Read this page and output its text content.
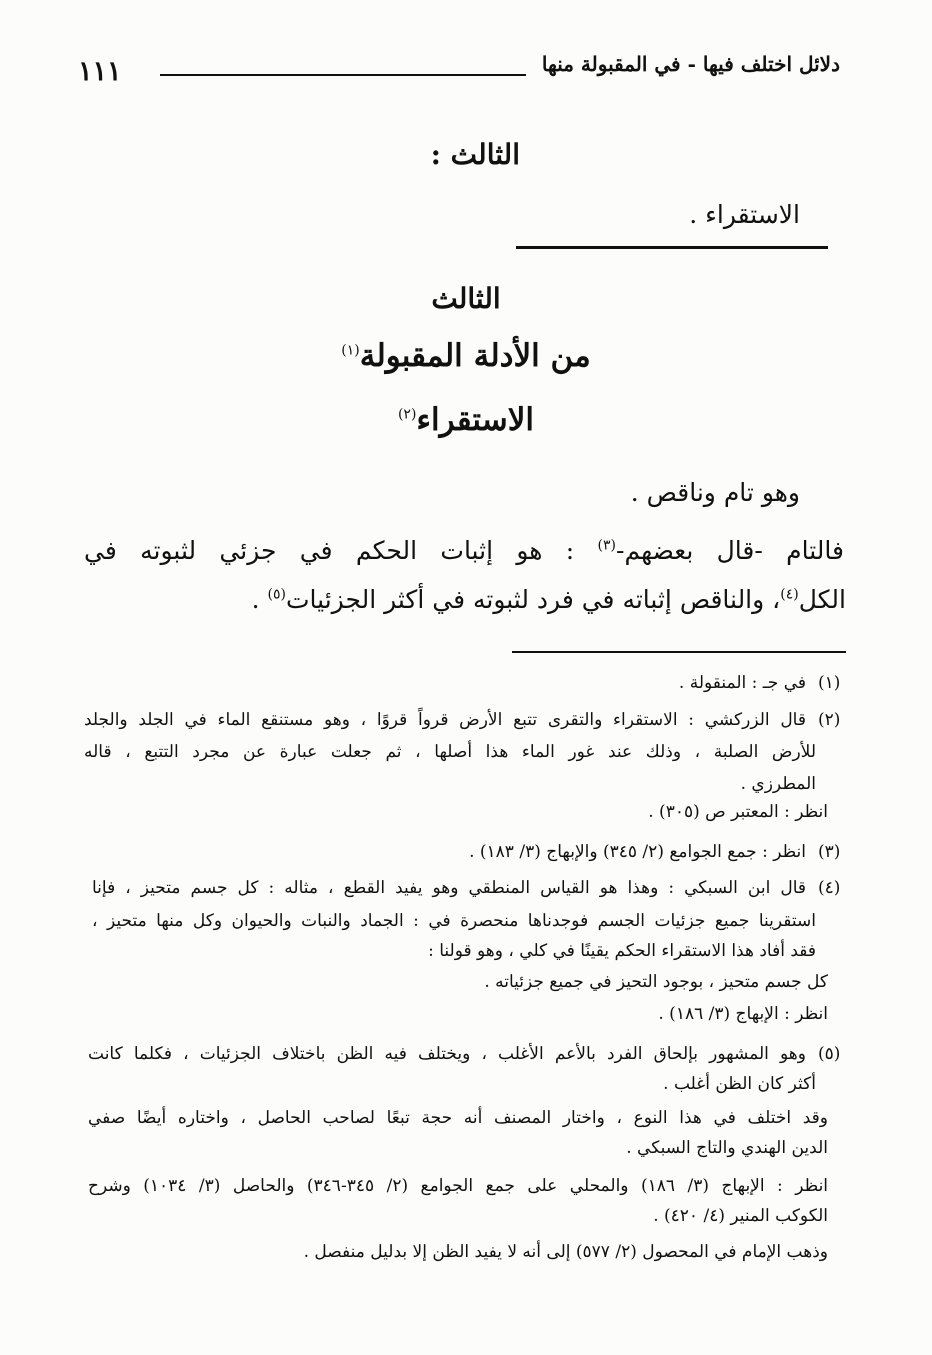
دلائل اختلف فيها - في المقبولة منها
١١١
الثالث :
الاستقراء .
الثالث
من الأدلة المقبولة$^{(١)}$
الاستقراء$^{(٢)}$
وهو تام وناقص .
فالتام -قال بعضهم-$^{(٣)}$ : هو إثبات الحكم في جزئي لثبوته في
الكل$^{(٤)}$، والناقص إثباته في فرد لثبوته في أكثر الجزئيات$^{(٥)}$ .
(١)
في جـ : المنقولة .
(٢)
قال الزركشي : الاستقراء والتقرى تتبع الأرض قرواً قروًا ، وهو مستنقع الماء في الجلد والجلد
للأرض الصلبة ، وذلك عند غور الماء هذا أصلها ، ثم جعلت عبارة عن مجرد التتبع ، قاله
المطرزي .
انظر : المعتبر ص (٣٠٥) .
(٣)
انظر : جمع الجوامع (٢/ ٣٤٥) والإبهاج (٣/ ١٨٣) .
(٤)
قال ابن السبكي : وهذا هو القياس المنطقي وهو يفيد القطع ، مثاله : كل جسم متحيز ، فإنا
استقرينا جميع جزئيات الجسم فوجدناها منحصرة في : الجماد والنبات والحيوان وكل منها متحيز ،
فقد أفاد هذا الاستقراء الحكم يقينًا في كلي ، وهو قولنا :
كل جسم متحيز ، بوجود التحيز في جميع جزئياته .
انظر : الإبهاج (٣/ ١٨٦) .
(٥)
وهو المشهور بإلحاق الفرد بالأعم الأغلب ، ويختلف فيه الظن باختلاف الجزئيات ، فكلما كانت
أكثر كان الظن أغلب .
وقد اختلف في هذا النوع ، واختار المصنف أنه حجة تبعًا لصاحب الحاصل ، واختاره أيضًا صفي
الدين الهندي والتاج السبكي .
انظر : الإبهاج (٣/ ١٨٦) والمحلي على جمع الجوامع (٢/ ٣٤٥-٣٤٦) والحاصل (٣/ ١٠٣٤) وشرح
الكوكب المنير (٤/ ٤٢٠) .
وذهب الإمام في المحصول (٢/ ٥٧٧) إلى أنه لا يفيد الظن إلا بدليل منفصل .
